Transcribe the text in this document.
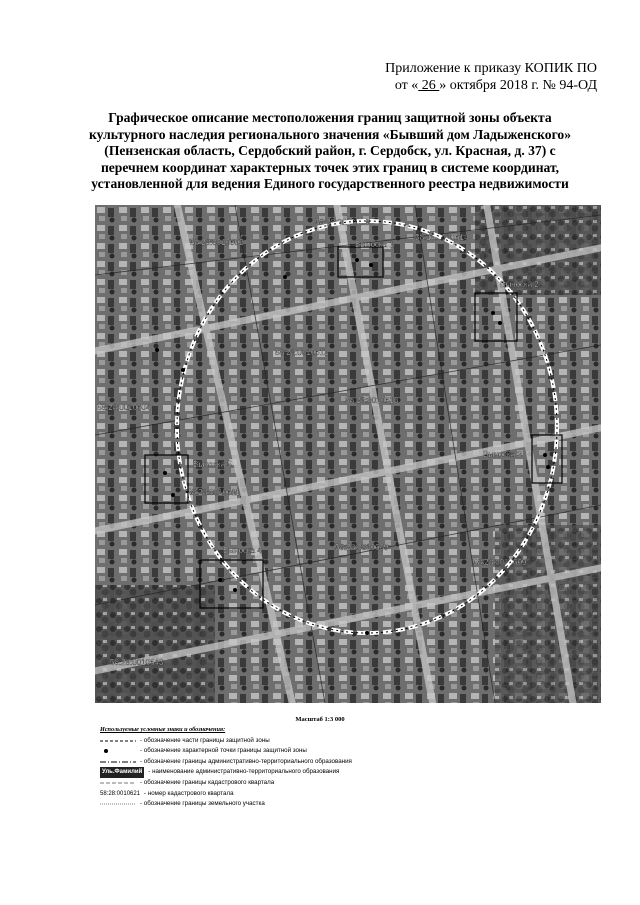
Приложение к приказу КОПИК ПО
от « 26 » октября 2018 г. № 94-ОД
Графическое описание местоположения границ защитной зоны объекта
культурного наследия регионального значения «Бывший дом Ладыженского»
(Пензенская область, Сердобский район, г. Сердобск, ул. Красная, д. 37) с
перечнем координат характерных точек этих границ в системе координат,
установленной для ведения Единого государственного реестра недвижимости
58:28:0010603
58:28:0010614
58:28:0010602
58:28:0010612
58:28:0010613
58:28:0010604
58:28:0010611
58:28:0010639
58:28:0010609
58:28:0010643
Выноска 1
Выноска 2
Выноска 3
Выноска 4
Выноска 5
Масштаб 1:3 000
Используемые условные знаки и обозначения:
- обозначение части границы защитной зоны
- обозначение характерной точки границы защитной зоны
- обозначение границы административно-территориального образования
Уль.Фамилий - наименование административно-территориального образования
- обозначение границы кадастрового квартала
58:28:0010621 - номер кадастрового квартала
- обозначение границы земельного участка
